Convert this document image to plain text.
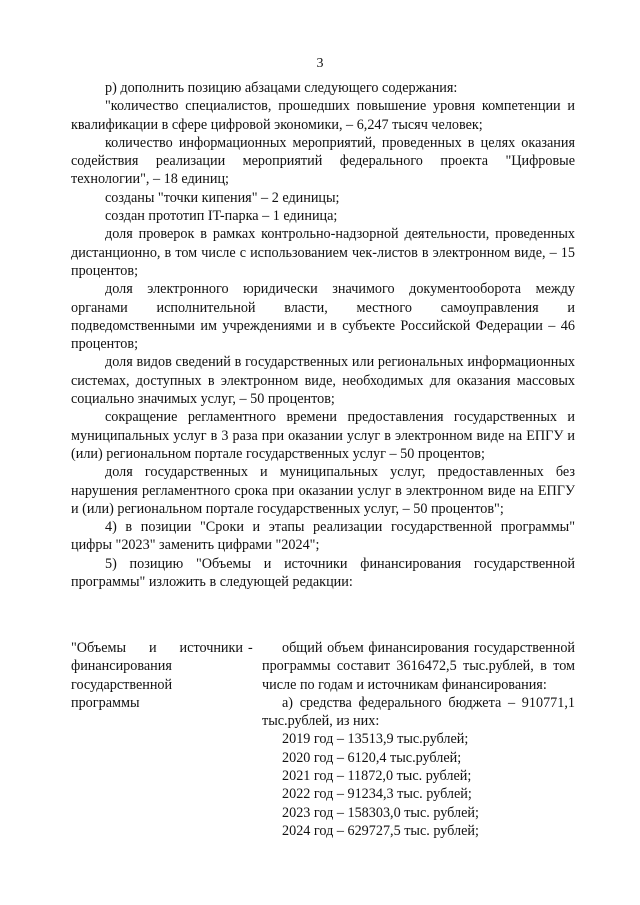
3

р) дополнить позицию абзацами следующего содержания:

"количество специалистов, прошедших повышение уровня компетенции и квалификации в сфере цифровой экономики, – 6,247 тысяч человек;

количество информационных мероприятий, проведенных в целях оказания содействия реализации мероприятий федерального проекта "Цифровые технологии", – 18 единиц;

созданы "точки кипения" – 2 единицы;

создан прототип IT-парка – 1 единица;

доля проверок в рамках контрольно-надзорной деятельности, проведенных дистанционно, в том числе с использованием чек-листов в электронном виде, – 15 процентов;

доля электронного юридически значимого документооборота между органами исполнительной власти, местного самоуправления и подведомственными им учреждениями и в субъекте Российской Федерации – 46 процентов;

доля видов сведений в государственных или региональных информационных системах, доступных в электронном виде, необходимых для оказания массовых социально значимых услуг, – 50 процентов;

сокращение регламентного времени предоставления государственных и муниципальных услуг в 3 раза при оказании услуг в электронном виде на ЕПГУ и (или) региональном портале государственных услуг – 50 процентов;

доля государственных и муниципальных услуг, предоставленных без нарушения регламентного срока при оказании услуг в электронном виде на ЕПГУ и (или) региональном портале государственных услуг, – 50 процентов";

4) в позиции "Сроки и этапы реализации государственной программы" цифры "2023" заменить цифрами "2024";

5) позицию "Объемы и источники финансирования государственной программы" изложить в следующей редакции:

"Объемы и источники финансирования государственной программы
-	общий объем финансирования государственной программы составит 3616472,5 тыс.рублей, в том числе по годам и источникам финансирования:

а) средства федерального бюджета – 910771,1 тыс.рублей, из них:

2019 год – 13513,9 тыс.рублей;

2020 год – 6120,4 тыс.рублей;

2021 год – 11872,0 тыс. рублей;

2022 год – 91234,3 тыс. рублей;

2023 год – 158303,0 тыс. рублей;

2024 год – 629727,5 тыс. рублей;
